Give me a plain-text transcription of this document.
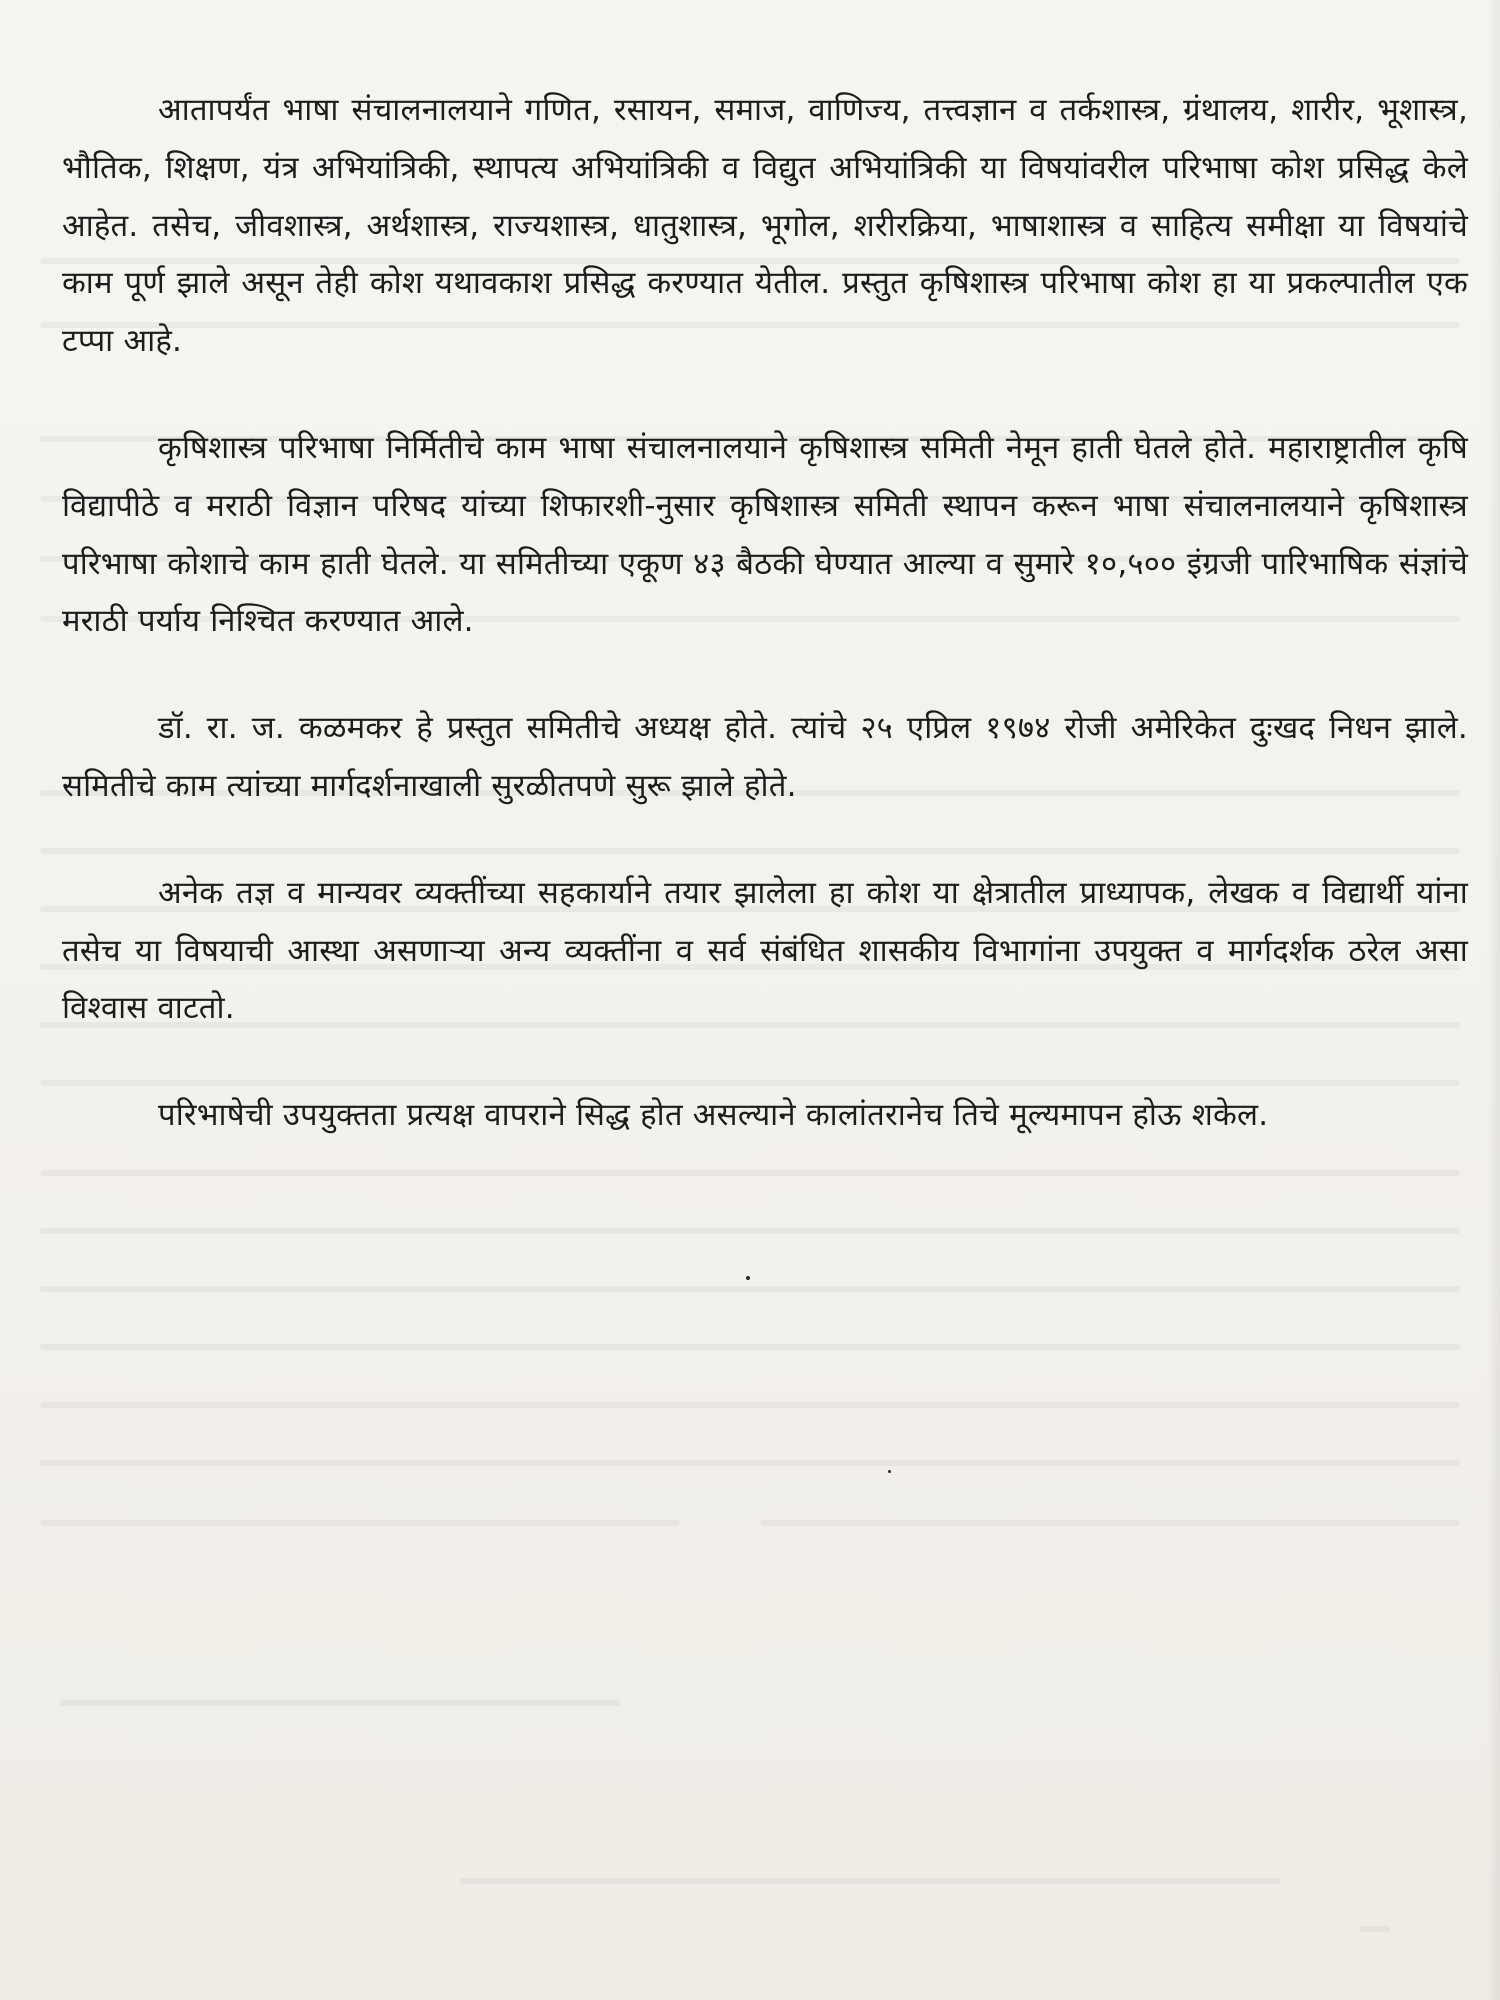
आतापर्यंत भाषा संचालनालयाने गणित, रसायन, समाज, वाणिज्य, तत्त्वज्ञान व तर्कशास्त्र, ग्रंथालय, शारीर, भूशास्त्र, भौतिक, शिक्षण, यंत्र अभियांत्रिकी, स्थापत्य अभियांत्रिकी व विद्युत अभियांत्रिकी या विषयांवरील परिभाषा कोश प्रसिद्ध केले आहेत. तसेच, जीवशास्त्र, अर्थशास्त्र, राज्यशास्त्र, धातुशास्त्र, भूगोल, शरीरक्रिया, भाषाशास्त्र व साहित्य समीक्षा या विषयांचे काम पूर्ण झाले असून तेही कोश यथावकाश प्रसिद्ध करण्यात येतील. प्रस्तुत कृषिशास्त्र परिभाषा कोश हा या प्रकल्पातील एक टप्पा आहे.

कृषिशास्त्र परिभाषा निर्मितीचे काम भाषा संचालनालयाने कृषिशास्त्र समिती नेमून हाती घेतले होते. महाराष्ट्रातील कृषि विद्यापीठे व मराठी विज्ञान परिषद यांच्या शिफारशी-नुसार कृषिशास्त्र समिती स्थापन करून भाषा संचालनालयाने कृषिशास्त्र परिभाषा कोशाचे काम हाती घेतले. या समितीच्या एकूण ४३ बैठकी घेण्यात आल्या व सुमारे १०,५०० इंग्रजी पारिभाषिक संज्ञांचे मराठी पर्याय निश्चित करण्यात आले.

डॉ. रा. ज. कळमकर हे प्रस्तुत समितीचे अध्यक्ष होते. त्यांचे २५ एप्रिल १९७४ रोजी अमेरिकेत दुःखद निधन झाले. समितीचे काम त्यांच्या मार्गदर्शनाखाली सुरळीतपणे सुरू झाले होते.

अनेक तज्ञ व मान्यवर व्यक्तींच्या सहकार्याने तयार झालेला हा कोश या क्षेत्रातील प्राध्यापक, लेखक व विद्यार्थी यांना तसेच या विषयाची आस्था असणाऱ्या अन्य व्यक्तींना व सर्व संबंधित शासकीय विभागांना उपयुक्त व मार्गदर्शक ठरेल असा विश्वास वाटतो.

परिभाषेची उपयुक्तता प्रत्यक्ष वापराने सिद्ध होत असल्याने कालांतरानेच तिचे मूल्यमापन होऊ शकेल.
